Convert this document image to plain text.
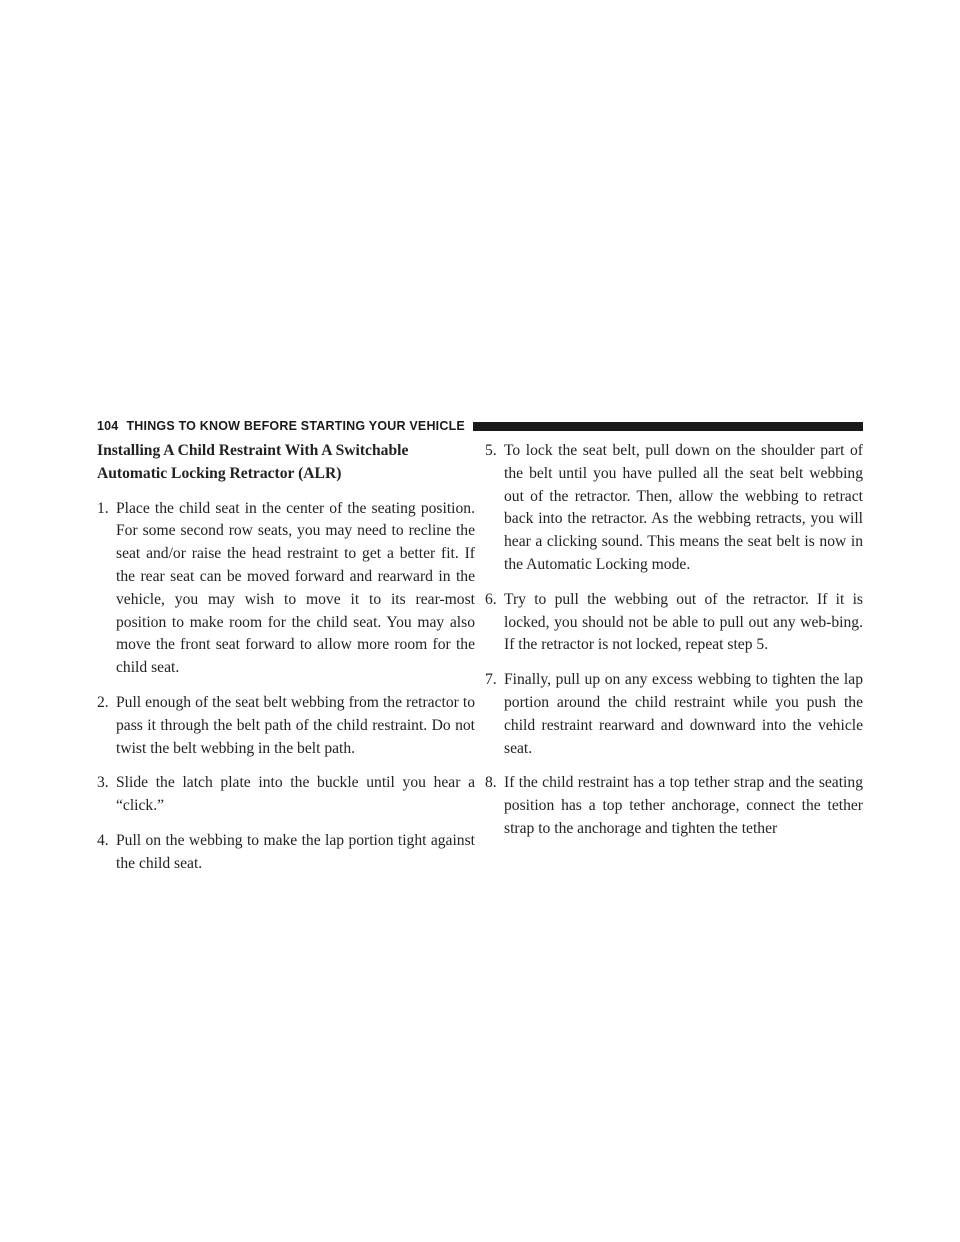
104 THINGS TO KNOW BEFORE STARTING YOUR VEHICLE
Installing A Child Restraint With A Switchable Automatic Locking Retractor (ALR)
1. Place the child seat in the center of the seating position. For some second row seats, you may need to recline the seat and/or raise the head restraint to get a better fit. If the rear seat can be moved forward and rearward in the vehicle, you may wish to move it to its rear-most position to make room for the child seat. You may also move the front seat forward to allow more room for the child seat.
2. Pull enough of the seat belt webbing from the retractor to pass it through the belt path of the child restraint. Do not twist the belt webbing in the belt path.
3. Slide the latch plate into the buckle until you hear a “click.”
4. Pull on the webbing to make the lap portion tight against the child seat.
5. To lock the seat belt, pull down on the shoulder part of the belt until you have pulled all the seat belt webbing out of the retractor. Then, allow the webbing to retract back into the retractor. As the webbing retracts, you will hear a clicking sound. This means the seat belt is now in the Automatic Locking mode.
6. Try to pull the webbing out of the retractor. If it is locked, you should not be able to pull out any web-bing. If the retractor is not locked, repeat step 5.
7. Finally, pull up on any excess webbing to tighten the lap portion around the child restraint while you push the child restraint rearward and downward into the vehicle seat.
8. If the child restraint has a top tether strap and the seating position has a top tether anchorage, connect the tether strap to the anchorage and tighten the tether
